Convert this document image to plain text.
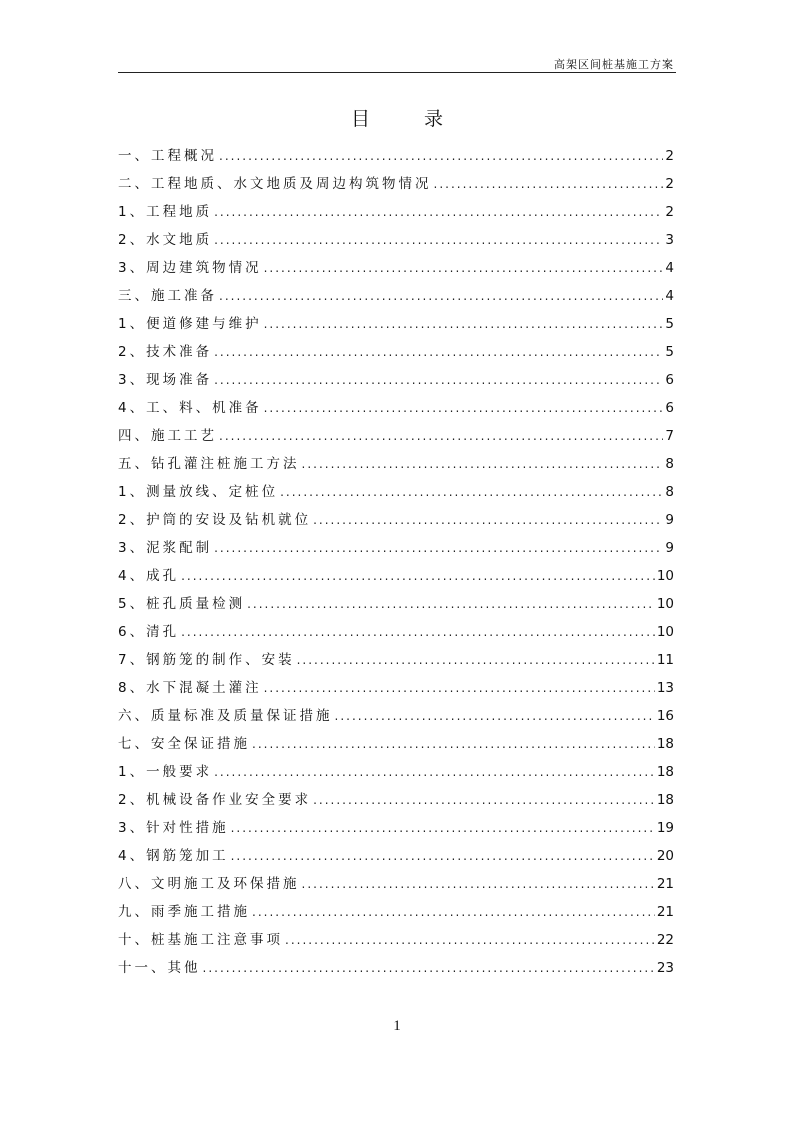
高架区间桩基施工方案
目 录
一、工程概况 .....	2
二、工程地质、水文地质及周边构筑物情况 .....	2
1、工程地质 .....	2
2、水文地质 .....	3
3、周边建筑物情况 .....	4
三、施工准备 .....	4
1、便道修建与维护 .....	5
2、技术准备 .....	5
3、现场准备 .....	6
4、工、料、机准备 .....	6
四、施工工艺 .....	7
五、钻孔灌注桩施工方法 .....	8
1、测量放线、定桩位 .....	8
2、护筒的安设及钻机就位 .....	9
3、泥浆配制 .....	9
4、成孔 .....	10
5、桩孔质量检测 .....	10
6、清孔 .....	10
7、钢筋笼的制作、安装 .....	11
8、水下混凝土灌注 .....	13
六、质量标准及质量保证措施 .....	16
七、安全保证措施 .....	18
1、一般要求 .....	18
2、机械设备作业安全要求 .....	18
3、针对性措施 .....	19
4、钢筋笼加工 .....	20
八、文明施工及环保措施 .....	21
九、雨季施工措施 .....	21
十、桩基施工注意事项 .....	22
十一、其他 .....	23
1
